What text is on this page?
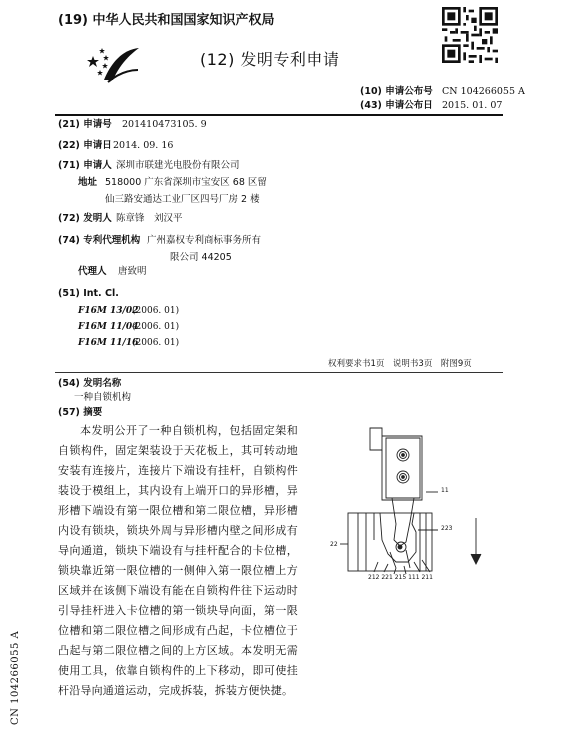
(19) 中华人民共和国国家知识产权局
(12) 发明专利申请
(10) 申请公布号 CN 104266055 A
(43) 申请公布日 2015. 01. 07
(21) 申请号 201410473105. 9
(22) 申请日 2014. 09. 16
(71) 申请人 深圳市联建光电股份有限公司
地址 518000 广东省深圳市宝安区 68 区留
仙三路安通达工业厂区四号厂房 2 楼
(72) 发明人 陈章锋　刘汉平
(74) 专利代理机构 广州嘉权专利商标事务所有
限公司 44205
代理人 唐致明
(51) Int. Cl.
F16M 13/02
(2006. 01)
F16M 11/04
(2006. 01)
F16M 11/16
(2006. 01)
权利要求书1页　说明书3页　附图9页
(54) 发明名称
一种自锁机构
(57) 摘要
本发明公开了一种自锁机构，包括固定架和自锁构件，固定架装设于天花板上，其可转动地安装有连接片，连接片下端设有挂杆，自锁构件装设于模组上，其内设有上端开口的异形槽，异形槽下端设有第一限位槽和第二限位槽，异形槽内设有锁块，锁块外周与异形槽内壁之间形成有导向通道，锁块下端设有与挂杆配合的卡位槽，锁块靠近第一限位槽的一侧伸入第一限位槽上方区域并在该侧下端设有能在自锁构件往下运动时引导挂杆进入卡位槽的第一锁块导向面，第一限位槽和第二限位槽之间形成有凸起，卡位槽位于凸起与第二限位槽之间的上方区域。本发明无需使用工具，依靠自锁构件的上下移动，即可使挂杆沿导向通道运动，完成拆装，拆装方便快捷。
11
223
22
212 221 215 111 211
CN 104266055 A
